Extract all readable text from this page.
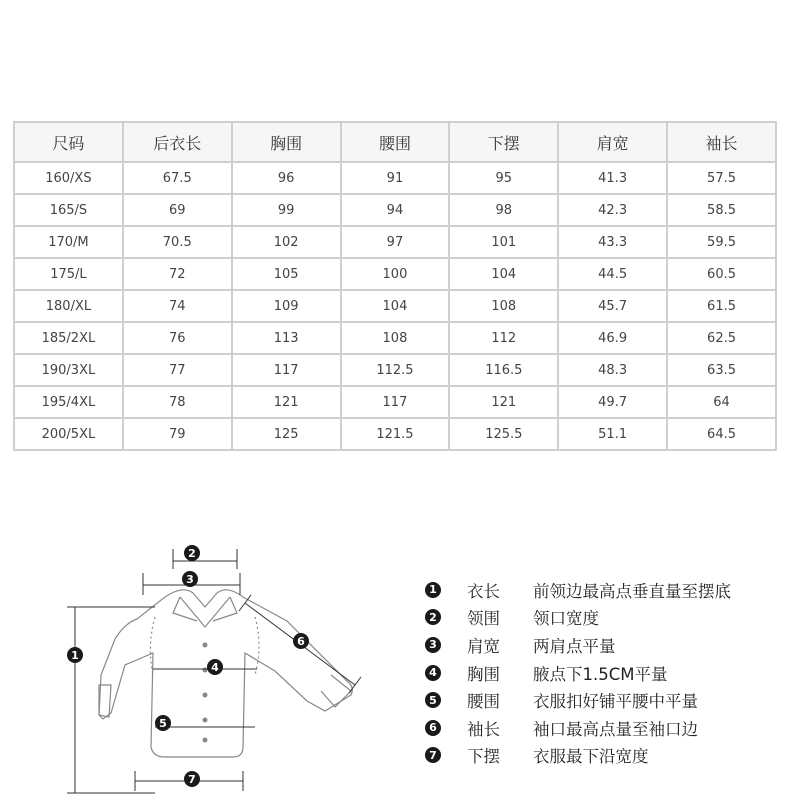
尺码	后衣长	胸围	腰围	下摆	肩宽	袖长
160/XS	67.5	96	91	95	41.3	57.5
165/S	69	99	94	98	42.3	58.5
170/M	70.5	102	97	101	43.3	59.5
175/L	72	105	100	104	44.5	60.5
180/XL	74	109	104	108	45.7	61.5
185/2XL	76	113	108	112	46.9	62.5
190/3XL	77	117	112.5	116.5	48.3	63.5
195/4XL	78	121	117	121	49.7	64
200/5XL	79	125	121.5	125.5	51.1	64.5
1
2
3
4
5
6
7
1 衣长	前领边最高点垂直量至摆底
2 领围	领口宽度
3 肩宽	两肩点平量
4 胸围	腋点下1.5CM平量
5 腰围	衣服扣好铺平腰中平量
6 袖长	袖口最高点量至袖口边
7 下摆	衣服最下沿宽度
